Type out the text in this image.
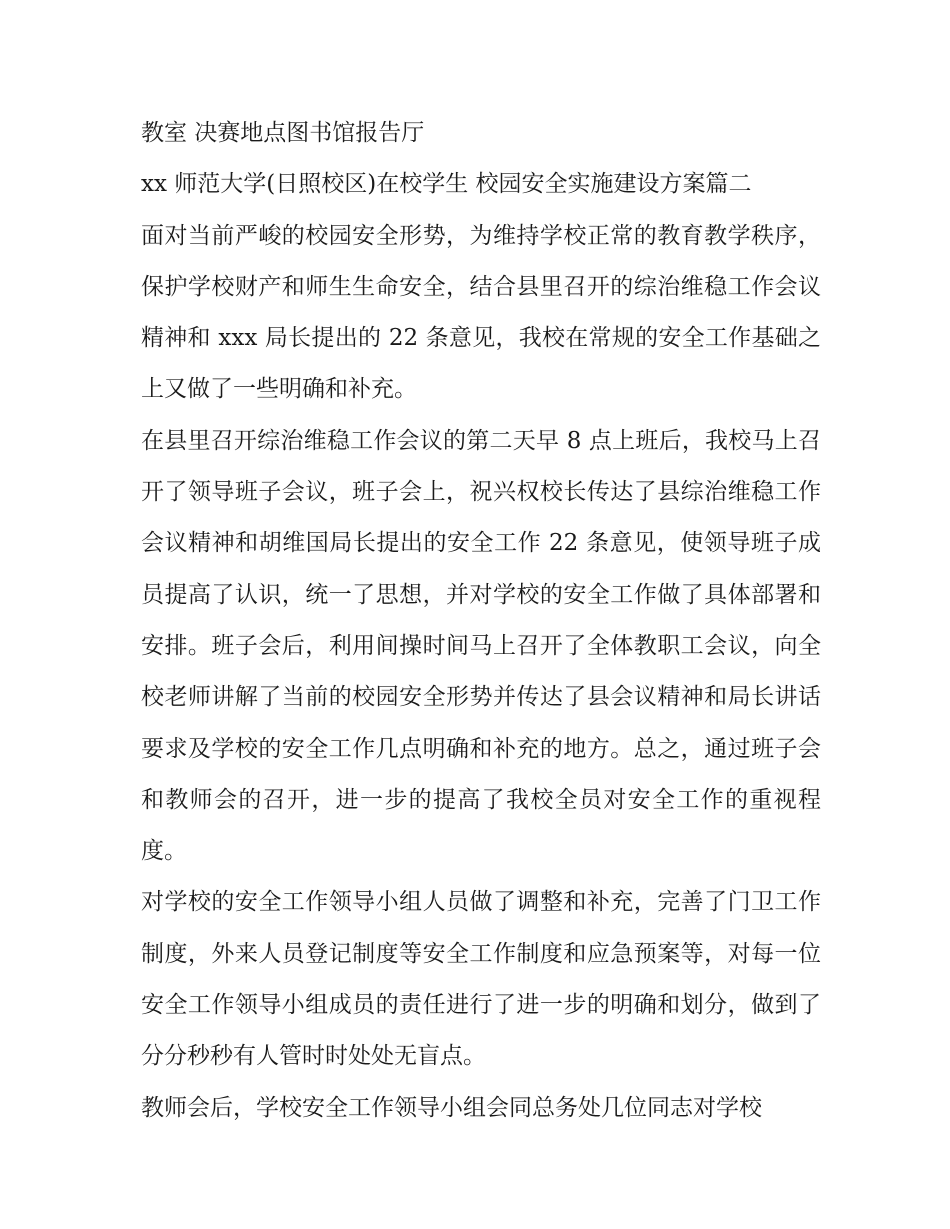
教室 决赛地点图书馆报告厅

xx 师范大学(日照校区)在校学生 校园安全实施建设方案篇二

面对当前严峻的校园安全形势，为维持学校正常的教育教学秩序，保护学校财产和师生生命安全，结合县里召开的综治维稳工作会议精神和 xxx 局长提出的 22 条意见，我校在常规的安全工作基础之上又做了一些明确和补充。

在县里召开综治维稳工作会议的第二天早 8 点上班后，我校马上召开了领导班子会议，班子会上，祝兴权校长传达了县综治维稳工作会议精神和胡维国局长提出的安全工作 22 条意见，使领导班子成员提高了认识，统一了思想，并对学校的安全工作做了具体部署和安排。班子会后，利用间操时间马上召开了全体教职工会议，向全校老师讲解了当前的校园安全形势并传达了县会议精神和局长讲话要求及学校的安全工作几点明确和补充的地方。总之，通过班子会和教师会的召开，进一步的提高了我校全员对安全工作的重视程度。

对学校的安全工作领导小组人员做了调整和补充，完善了门卫工作制度，外来人员登记制度等安全工作制度和应急预案等，对每一位安全工作领导小组成员的责任进行了进一步的明确和划分，做到了分分秒秒有人管时时处处无盲点。

教师会后，学校安全工作领导小组会同总务处几位同志对学校
